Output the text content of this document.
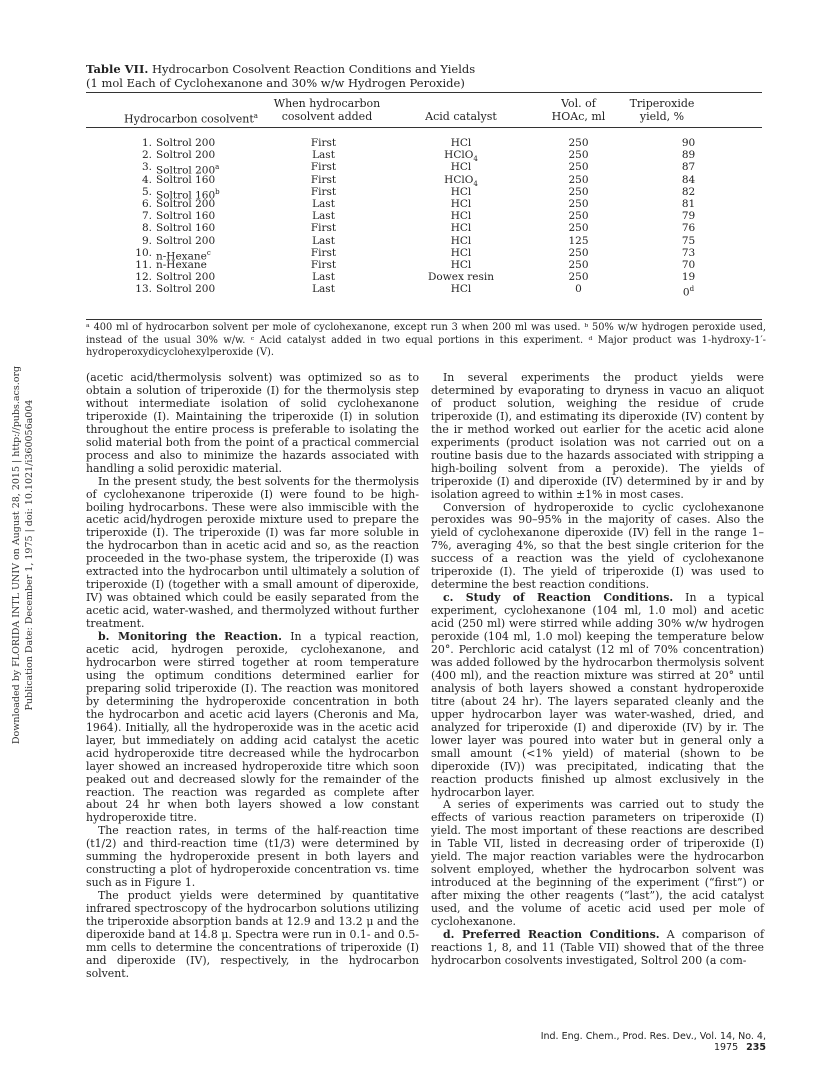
Downloaded by FLORIDA INTL UNIV on August 28, 2015 | http://pubs.acs.org Publication Date: December 1, 1975 | doi: 10.1021/i360056a004
Table VII. Hydrocarbon Cosolvent Reaction Conditions and Yields
(1 mol Each of Cyclohexanone and 30% w/w Hydrogen Peroxide)
Hydrocarbon cosolvent$^a$
When hydrocarbon
cosolvent added	Acid catalyst
Vol. of
HOAc, ml
Triperoxide
yield, %
1. Soltrol 200	First	HCl	250	90
2. Soltrol 200	Last	HClO$_4$	250	89
3. Soltrol 200$^a$	First	HCl	250	87
4. Soltrol 160	First	HClO$_4$	250	84
5. Soltrol 160$^b$	First	HCl	250	82
6. Soltrol 200	Last	HCl	250	81
7. Soltrol 160	Last	HCl	250	79
8. Soltrol 160	First	HCl	250	76
9. Soltrol 200	Last	HCl	125	75
10. n-Hexane$^c$	First	HCl	250	73
11. n-Hexane	First	HCl	250	70
12. Soltrol 200	Last	Dowex resin	250	19
13. Soltrol 200	Last	HCl	0	0$^d$
ᵃ 400 ml of hydrocarbon solvent per mole of cyclohexanone, except run 3 when 200 ml was used. ᵇ 50% w/w hydrogen peroxide used, instead of the usual 30% w/w. ᶜ Acid catalyst added in two equal portions in this experiment. ᵈ Major product was 1-hydroxy-1′-hydroperoxydicyclohexylperoxide (V).

(acetic acid/thermolysis solvent) was optimized so as to obtain a solution of triperoxide (I) for the thermolysis step without intermediate isolation of solid cyclohexanone triperoxide (I). Maintaining the triperoxide (I) in solution throughout the entire process is preferable to isolating the solid material both from the point of a practical commercial process and also to minimize the hazards associated with handling a solid peroxidic material.

In the present study, the best solvents for the thermolysis of cyclohexanone triperoxide (I) were found to be high-boiling hydrocarbons. These were also immiscible with the acetic acid/hydrogen peroxide mixture used to prepare the triperoxide (I). The triperoxide (I) was far more soluble in the hydrocarbon than in acetic acid and so, as the reaction proceeded in the two-phase system, the triperoxide (I) was extracted into the hydrocarbon until ultimately a solution of triperoxide (I) (together with a small amount of diperoxide, IV) was obtained which could be easily separated from the acetic acid, water-washed, and thermolyzed without further treatment.

b. Monitoring the Reaction. In a typical reaction, acetic acid, hydrogen peroxide, cyclohexanone, and hydrocarbon were stirred together at room temperature using the optimum conditions determined earlier for preparing solid triperoxide (I). The reaction was monitored by determining the hydroperoxide concentration in both the hydrocarbon and acetic acid layers (Cheronis and Ma, 1964). Initially, all the hydroperoxide was in the acetic acid layer, but immediately on adding acid catalyst the acetic acid hydroperoxide titre decreased while the hydrocarbon layer showed an increased hydroperoxide titre which soon peaked out and decreased slowly for the remainder of the reaction. The reaction was regarded as complete after about 24 hr when both layers showed a low constant hydroperoxide titre.

The reaction rates, in terms of the half-reaction time (t1/2) and third-reaction time (t1/3) were determined by summing the hydroperoxide present in both layers and constructing a plot of hydroperoxide concentration vs. time such as in Figure 1.

The product yields were determined by quantitative infrared spectroscopy of the hydrocarbon solutions utilizing the triperoxide absorption bands at 12.9 and 13.2 μ and the diperoxide band at 14.8 μ. Spectra were run in 0.1- and 0.5-mm cells to determine the concentrations of triperoxide (I) and diperoxide (IV), respectively, in the hydrocarbon solvent.

In several experiments the product yields were determined by evaporating to dryness in vacuo an aliquot of product solution, weighing the residue of crude triperoxide (I), and estimating its diperoxide (IV) content by the ir method worked out earlier for the acetic acid alone experiments (product isolation was not carried out on a routine basis due to the hazards associated with stripping a high-boiling solvent from a peroxide). The yields of triperoxide (I) and diperoxide (IV) determined by ir and by isolation agreed to within ±1% in most cases.

Conversion of hydroperoxide to cyclic cyclohexanone peroxides was 90–95% in the majority of cases. Also the yield of cyclohexanone diperoxide (IV) fell in the range 1–7%, averaging 4%, so that the best single criterion for the success of a reaction was the yield of cyclohexanone triperoxide (I). The yield of triperoxide (I) was used to determine the best reaction conditions.

c. Study of Reaction Conditions. In a typical experiment, cyclohexanone (104 ml, 1.0 mol) and acetic acid (250 ml) were stirred while adding 30% w/w hydrogen peroxide (104 ml, 1.0 mol) keeping the temperature below 20°. Perchloric acid catalyst (12 ml of 70% concentration) was added followed by the hydrocarbon thermolysis solvent (400 ml), and the reaction mixture was stirred at 20° until analysis of both layers showed a constant hydroperoxide titre (about 24 hr). The layers separated cleanly and the upper hydrocarbon layer was water-washed, dried, and analyzed for triperoxide (I) and diperoxide (IV) by ir. The lower layer was poured into water but in general only a small amount (<1% yield) of material (shown to be diperoxide (IV)) was precipitated, indicating that the reaction products finished up almost exclusively in the hydrocarbon layer.

A series of experiments was carried out to study the effects of various reaction parameters on triperoxide (I) yield. The most important of these reactions are described in Table VII, listed in decreasing order of triperoxide (I) yield. The major reaction variables were the hydrocarbon solvent employed, whether the hydrocarbon solvent was introduced at the beginning of the experiment (“first”) or after mixing the other reagents (“last”), the acid catalyst used, and the volume of acetic acid used per mole of cyclohexanone.

d. Preferred Reaction Conditions. A comparison of reactions 1, 8, and 11 (Table VII) showed that of the three hydrocarbon cosolvents investigated, Soltrol 200 (a com-

Ind. Eng. Chem., Prod. Res. Dev., Vol. 14, No. 4, 1975 235
